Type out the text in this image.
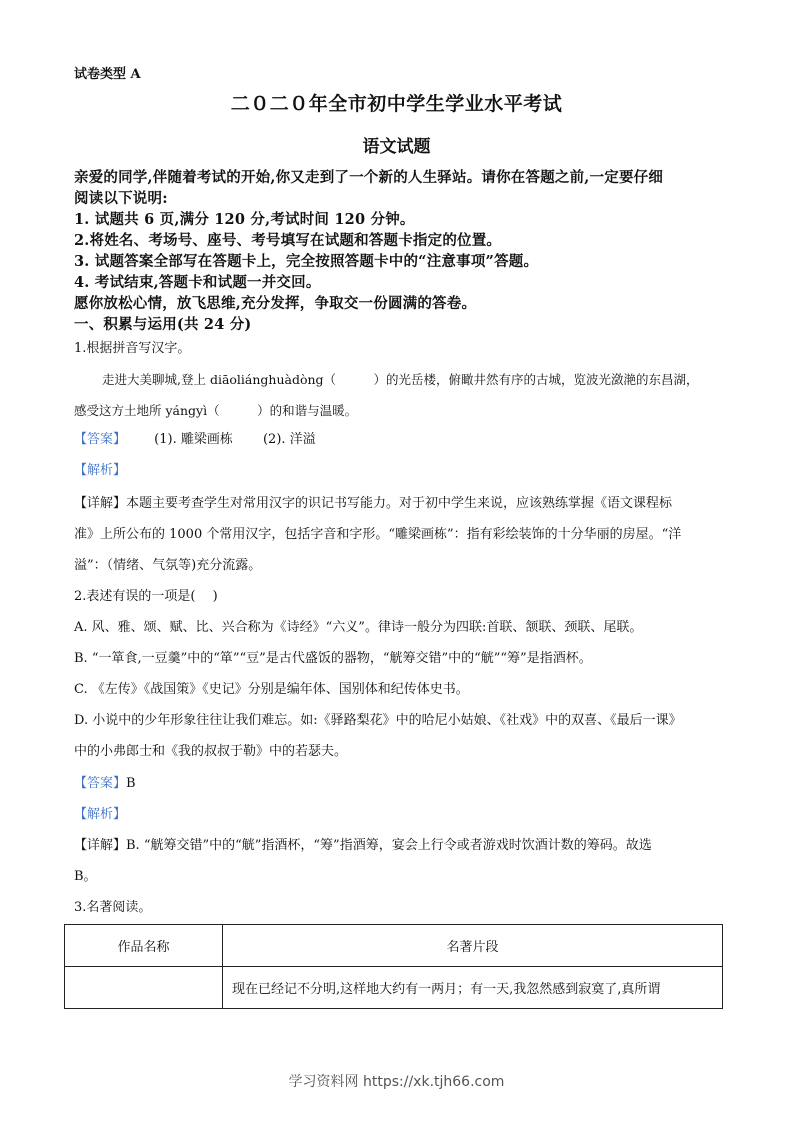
试卷类型 A
二０二０年全市初中学生学业水平考试
语文试题
亲爱的同学,伴随着考试的开始,你又走到了一个新的人生驿站。请你在答题之前,一定要仔细
阅读以下说明:
1. 试题共 6 页,满分 120 分,考试时间 120 分钟。
2.将姓名、考场号、座号、考号填写在试题和答题卡指定的位置。
3. 试题答案全部写在答题卡上，完全按照答题卡中的“注意事项”答题。
4. 考试结束,答题卡和试题一并交回。
愿你放松心情，放飞思维,充分发挥，争取交一份圆满的答卷。
一、积累与运用(共 24 分)
1.根据拼音写汉字。
走进大美聊城,登上 diāoliánghuàdòng（　　　）的光岳楼，俯瞰井然有序的古城，览波光潋滟的东昌湖，
感受这方土地所 yángyì（　　　）的和谐与温暖。
【答案】 (1). 雕梁画栋 (2). 洋溢
【解析】
【详解】本题主要考查学生对常用汉字的识记书写能力。对于初中学生来说，应该熟练掌握《语文课程标
准》上所公布的 1000 个常用汉字，包括字音和字形。“雕梁画栋”：指有彩绘装饰的十分华丽的房屋。“洋
溢”：（情绪、气氛等)充分流露。
2.表述有误的一项是(　 )
A. 风、雅、颂、赋、比、兴合称为《诗经》“六义”。律诗一般分为四联:首联、颔联、颈联、尾联。
B. “一箪食,一豆羹”中的“箪”“豆”是古代盛饭的器物，“觥筹交错”中的“觥”“筹”是指酒杯。
C. 《左传》《战国策》《史记》分别是编年体、国别体和纪传体史书。
D. 小说中的少年形象往往让我们难忘。如:《驿路梨花》中的哈尼小姑娘、《社戏》中的双喜、《最后一课》
中的小弗郎士和《我的叔叔于勒》中的若瑟夫。
【答案】B
【解析】
【详解】B. “觥筹交错”中的“觥”指酒杯，“筹”指酒筹，宴会上行令或者游戏时饮酒计数的筹码。故选
B。
3.名著阅读。
作品名称	名著片段
	现在已经记不分明,这样地大约有一两月；有一天,我忽然感到寂寞了,真所谓
学习资料网 https://xk.tjh66.com
